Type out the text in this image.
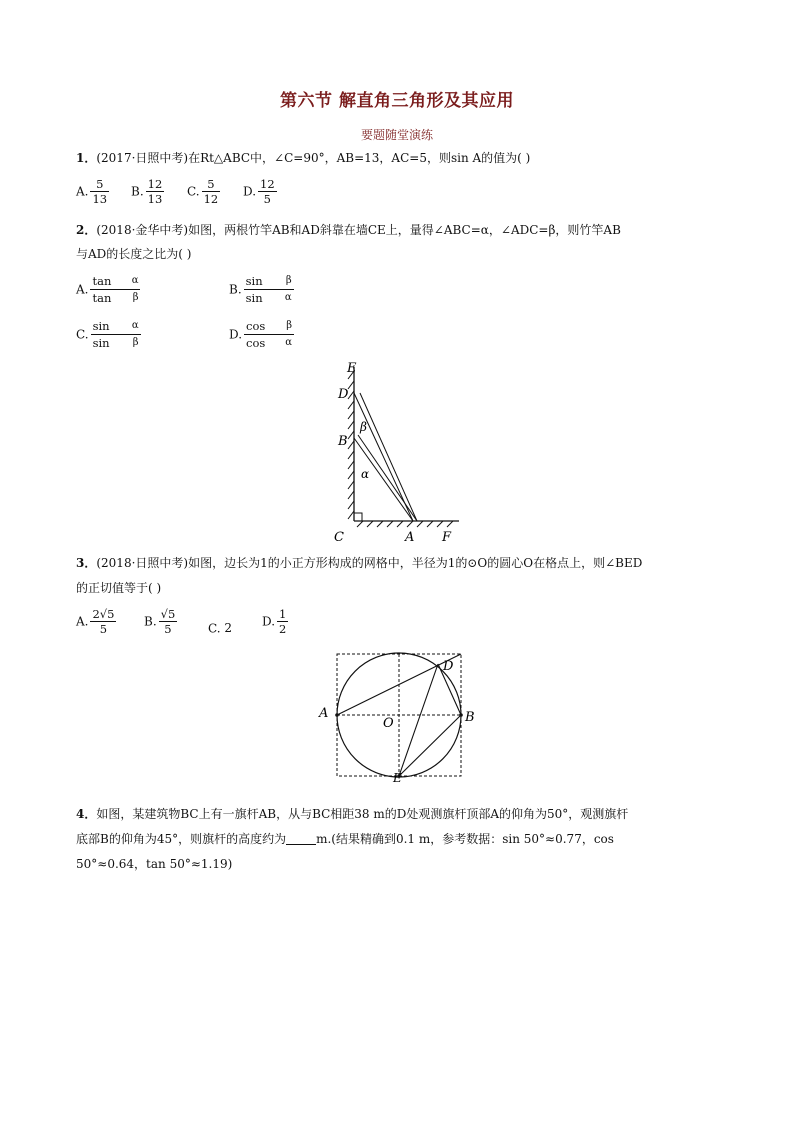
第六节 解直角三角形及其应用
要题随堂演练
1．(2017·日照中考)在Rt△ABC中，∠C=90°，AB=13，AC=5，则sin A的值为( )
A. $\frac{5}{13} B$. $\frac{12}{13} C$. $\frac{5}{12} D$. $\frac{12}{5}$
2．(2018·金华中考)如图，两根竹竿AB和AD斜靠在墙CE上，量得∠ABC=α，∠ADC=β，则竹竿AB
与AD的长度之比为( )
A. $\frac{\text{tan α}}{\text{tan β}}$	B. $\frac{\text{sin β}}{\text{sin α}}$
C. $\frac{\text{sin α}}{\text{sin β}}$	D. $\frac{\text{cos β}}{\text{cos α}}$
E
D
B
C	A F
β
α
3．(2018·日照中考)如图，边长为1的小正方形构成的网格中，半径为1的⊙O的圆心O在格点上，则∠BED
的正切值等于( )
A. $\frac{2√5}{5} B$. $\frac{√5}{5}$	C. 2 D. $\frac{1}{2}$
A	B
O
D
E
4．如图，某建筑物BC上有一旗杆AB，从与BC相距38 m的D处观测旗杆顶部A的仰角为50°，观测旗杆
底部B的仰角为45°，则旗杆的高度约为	m.(结果精确到0.1 m，参考数据：sin 50°≈0.77，cos
50°≈0.64，tan 50°≈1.19)
